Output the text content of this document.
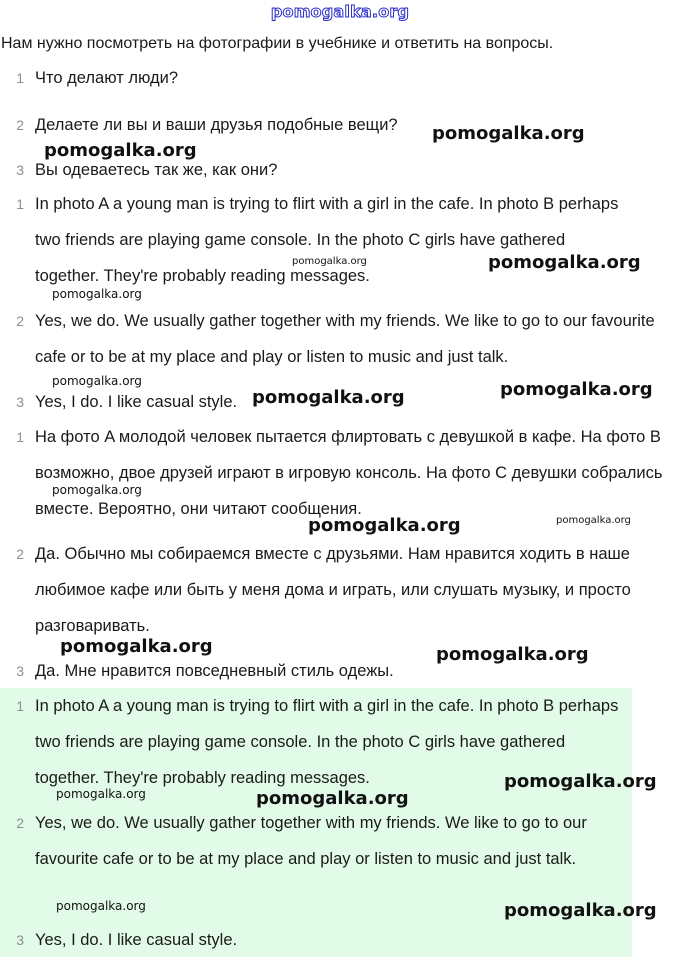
pomogalka.org
Нам нужно посмотреть на фотографии в учебнике и ответить на вопросы.
1 Что делают люди?
2 Делаете ли вы и ваши друзья подобные вещи?
3 Вы одеваетесь так же, как они?
1 In photo A a young man is trying to flirt with a girl in the cafe. In photo B perhaps two friends are playing game console. In the photo C girls have gathered together. They're probably reading messages.
2 Yes, we do. We usually gather together with my friends. We like to go to our favourite cafe or to be at my place and play or listen to music and just talk.
3 Yes, I do. I like casual style.
1 На фото A молодой человек пытается флиртовать с девушкой в кафе. На фото B возможно, двое друзей играют в игровую консоль. На фото C девушки собрались вместе. Вероятно, они читают сообщения.
2 Да. Обычно мы собираемся вместе с друзьями. Нам нравится ходить в наше любимое кафе или быть у меня дома и играть, или слушать музыку, и просто разговаривать.
3 Да. Мне нравится повседневный стиль одежы.
1 In photo A a young man is trying to flirt with a girl in the cafe. In photo B perhaps two friends are playing game console. In the photo C girls have gathered together. They're probably reading messages.
2 Yes, we do. We usually gather together with my friends. We like to go to our favourite cafe or to be at my place and play or listen to music and just talk.
3 Yes, I do. I like casual style.
pomogalka.org
pomogalka.org
pomogalka.org	pomogalka.org
pomogalka.org
pomogalka.org	pomogalka.org
pomogalka.org
pomogalka.org
pomogalka.org	pomogalka.org
pomogalka.org	pomogalka.org
pomogalka.org
pomogalka.org	pomogalka.org
pomogalka.org	pomogalka.org
